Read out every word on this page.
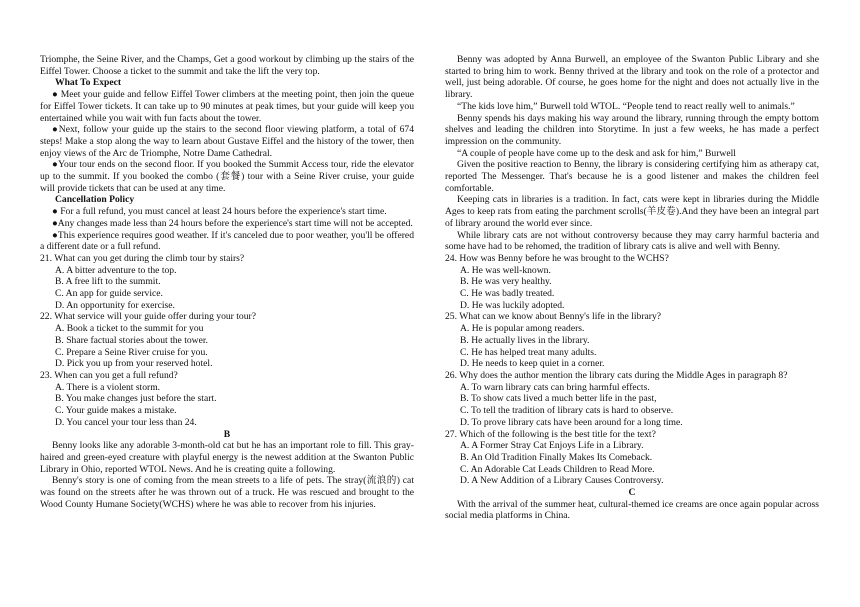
Triomphe, the Seine River, and the Champs, Get a good workout by climbing up the stairs of the Eiffel Tower. Choose a ticket to the summit and take the lift the very top.

What To Expect

● Meet your guide and fellow Eiffel Tower climbers at the meeting point, then join the queue for Eiffel Tower tickets. It can take up to 90 minutes at peak times, but your guide will keep you entertained while you wait with fun facts about the tower.

●Next, follow your guide up the stairs to the second floor viewing platform, a total of 674 steps! Make a stop along the way to learn about Gustave Eiffel and the history of the tower, then enjoy views of the Arc de Triomphe, Notre Dame Cathedral.

●Your tour ends on the second floor. If you booked the Summit Access tour, ride the elevator up to the summit. If you booked the combo (套餐) tour with a Seine River cruise, your guide will provide tickets that can be used at any time.

Cancellation Policy

● For a full refund, you must cancel at least 24 hours before the experience's start time.

●Any changes made less than 24 hours before the experience's start time will not be accepted.

●This experience requires good weather. If it's canceled due to poor weather, you'll be offered a different date or a full refund.

21. What can you get during the climb tour by stairs?

A. A bitter adventure to the top.

B. A free lift to the summit.

C. An app for guide service.

D. An opportunity for exercise.

22. What service will your guide offer during your tour?

A. Book a ticket to the summit for you

B. Share factual stories about the tower.

C. Prepare a Seine River cruise for you.

D. Pick you up from your reserved hotel.

23. When can you get a full refund?

A. There is a violent storm.

B. You make changes just before the start.

C. Your guide makes a mistake.

D. You cancel your tour less than 24.

B

Benny looks like any adorable 3-month-old cat but he has an important role to fill. This gray-haired and green-eyed creature with playful energy is the newest addition at the Swanton Public Library in Ohio, reported WTOL News. And he is creating quite a following.

Benny's story is one of coming from the mean streets to a life of pets. The stray(流浪的) cat was found on the streets after he was thrown out of a truck. He was rescued and brought to the Wood County Humane Society(WCHS) where he was able to recover from his injuries.

Benny was adopted by Anna Burwell, an employee of the Swanton Public Library and she started to bring him to work. Benny thrived at the library and took on the role of a protector and well, just being adorable. Of course, he goes home for the night and does not actually live in the library.

“The kids love him,” Burwell told WTOL. “People tend to react really well to animals.”

Benny spends his days making his way around the library, running through the empty bottom shelves and leading the children into Storytime. In just a few weeks, he has made a perfect impression on the community.

“A couple of people have come up to the desk and ask for him,” Burwell

Given the positive reaction to Benny, the library is considering certifying him as atherapy cat, reported The Messenger. That's because he is a good listener and makes the children feel comfortable.

Keeping cats in libraries is a tradition. In fact, cats were kept in libraries during the Middle Ages to keep rats from eating the parchment scrolls(羊皮卷).And they have been an integral part of library around the world ever since.

While library cats are not without controversy because they may carry harmful bacteria and some have had to be rehomed, the tradition of library cats is alive and well with Benny.

24. How was Benny before he was brought to the WCHS?

A. He was well-known.

B. He was very healthy.

C. He was badly treated.

D. He was luckily adopted.

25. What can we know about Benny's life in the library?

A. He is popular among readers.

B. He actually lives in the library.

C. He has helped treat many adults.

D. He needs to keep quiet in a corner.

26. Why does the author mention the library cats during the Middle Ages in paragraph 8?

A. To warn library cats can bring harmful effects.

B. To show cats lived a much better life in the past,

C. To tell the tradition of library cats is hard to observe.

D. To prove library cats have been around for a long time.

27. Which of the following is the best title for the text?

A. A Former Stray Cat Enjoys Life in a Library.

B. An Old Tradition Finally Makes Its Comeback.

C. An Adorable Cat Leads Children to Read More.

D. A New Addition of a Library Causes Controversy.

C

With the arrival of the summer heat, cultural-themed ice creams are once again popular across social media platforms in China.
